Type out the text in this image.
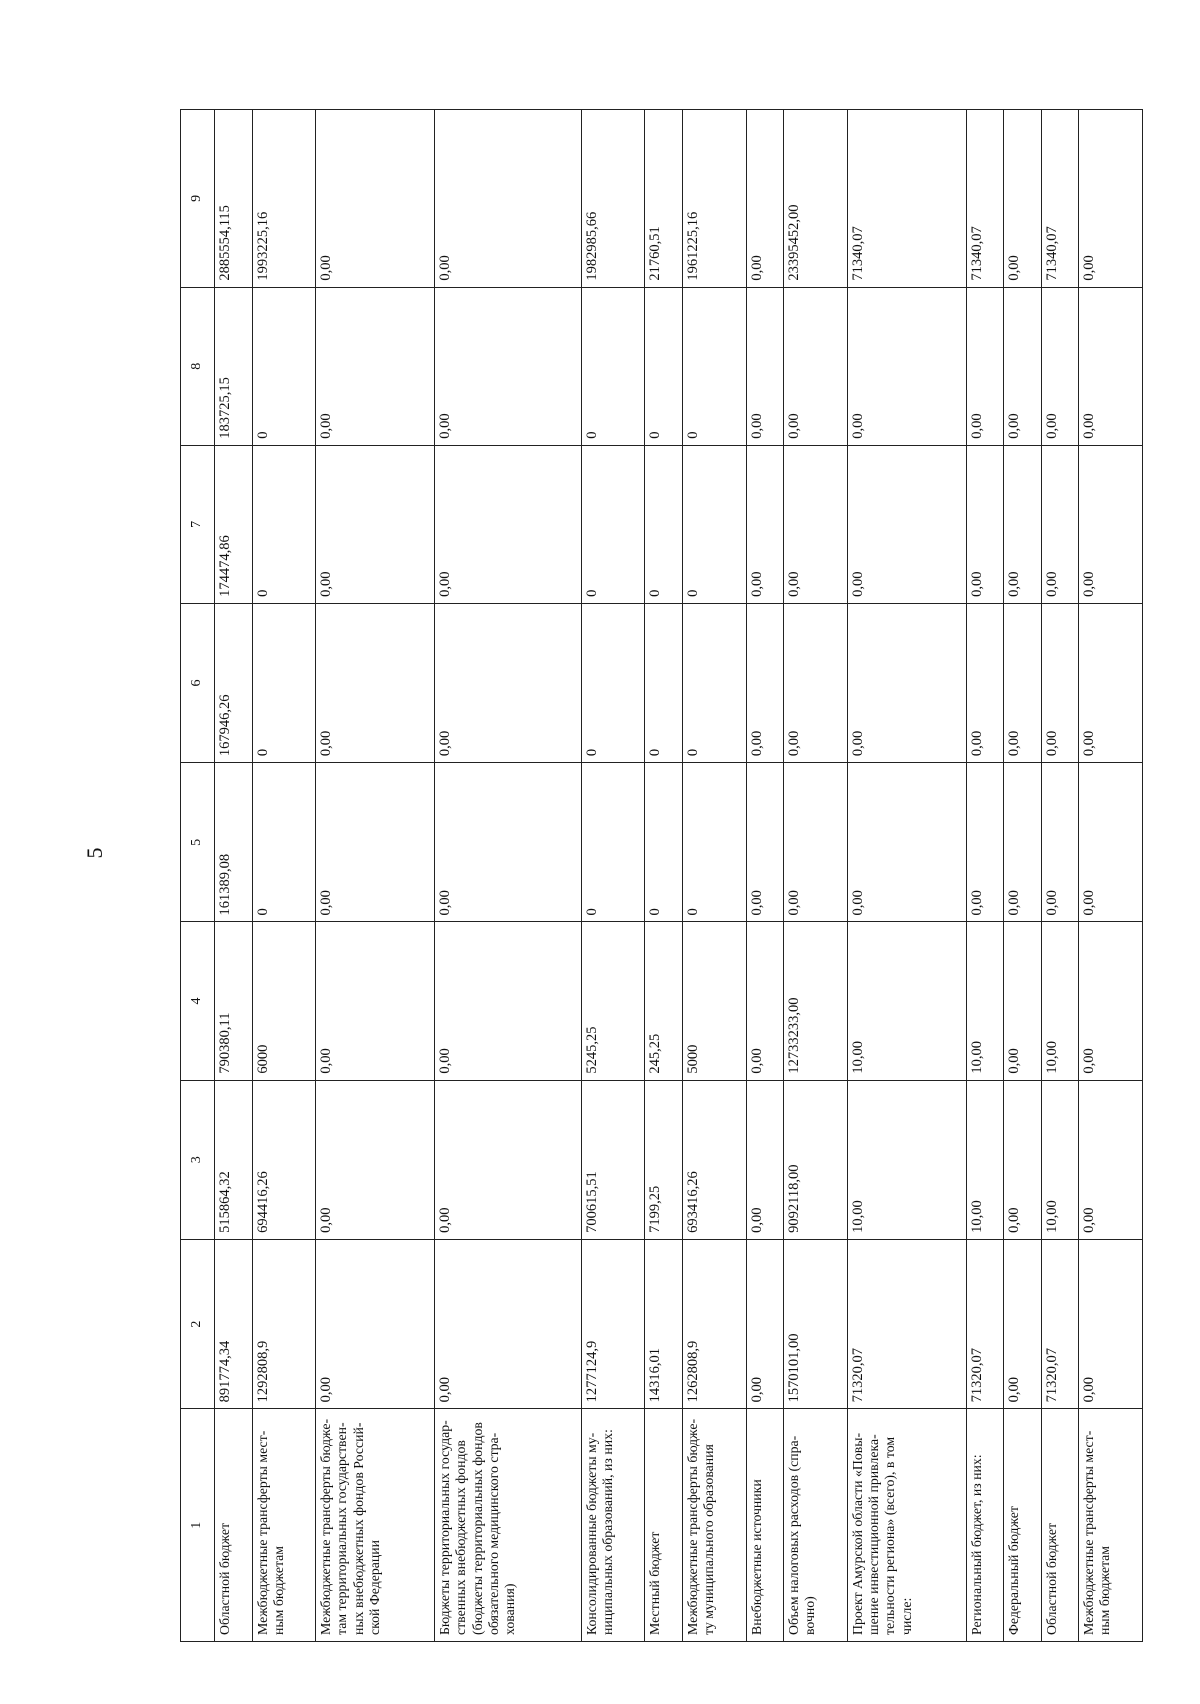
5
1	2	3	4	5	6	7	8	9
Областной бюджет	891774,34	515864,32	790380,11	161389,08	167946,26	174474,86	183725,15	2885554,115
Межбюджетные трансферты мест-ным бюджетам	1292808,9	694416,26	6000	0	0	0	0	1993225,16
Межбюджетные трансферты бюдже-там территориальных государствен-ных внебюджетных фондов Россий-ской Федерации	0,00	0,00	0,00	0,00	0,00	0,00	0,00	0,00
Бюджеты территориальных государ-ственных внебюджетных фондов (бюджеты территориальных фондов обязательного медицинского стра-хования)	0,00	0,00	0,00	0,00	0,00	0,00	0,00	0,00
Консолидированные бюджеты му-ниципальных образований, из них:	1277124,9	700615,51	5245,25	0	0	0	0	1982985,66
Местный бюджет	14316,01	7199,25	245,25	0	0	0	0	21760,51
Межбюджетные трансферты бюдже-ту муниципального образования	1262808,9	693416,26	5000	0	0	0	0	1961225,16
Внебюджетные источники	0,00	0,00	0,00	0,00	0,00	0,00	0,00	0,00
Объем налоговых расходов (спра-вочно)	1570101,00	9092118,00	12733233,00	0,00	0,00	0,00	0,00	23395452,00
Проект Амурской области «Повы-шение инвестиционной привлека-тельности региона» (всего), в том числе:	71320,07	10,00	10,00	0,00	0,00	0,00	0,00	71340,07
Региональный бюджет, из них:	71320,07	10,00	10,00	0,00	0,00	0,00	0,00	71340,07
Федеральный бюджет	0,00	0,00	0,00	0,00	0,00	0,00	0,00	0,00
Областной бюджет	71320,07	10,00	10,00	0,00	0,00	0,00	0,00	71340,07
Межбюджетные трансферты мест-ным бюджетам	0,00	0,00	0,00	0,00	0,00	0,00	0,00	0,00
